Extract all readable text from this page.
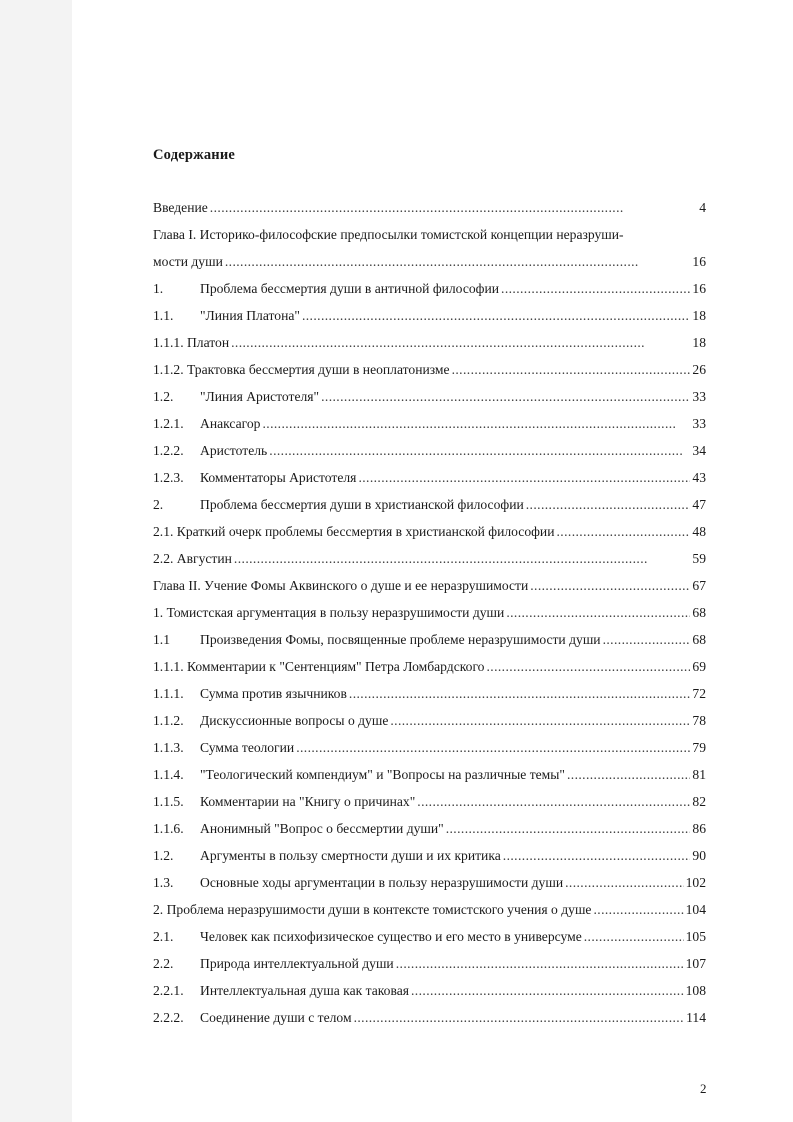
Содержание
Введение . . .	4
Глава I. Историко-философские предпосылки томистской концепции неразруши-
мости души . . .	16
1.	Проблема бессмертия души в античной философии . . .	16
1.1.	"Линия Платона" . . .	18
1.1.1. Платон . . .	18
1.1.2. Трактовка бессмертия души в неоплатонизме . . .	26
1.2.	"Линия Аристотеля" . . .	33
1.2.1.	Анаксагор . . .	33
1.2.2.	Аристотель . . .	34
1.2.3.	Комментаторы Аристотеля . . .	43
2.	Проблема бессмертия души в христианской философии . . .	47
2.1. Краткий очерк проблемы бессмертия в христианской философии . . .	48
2.2. Августин . . .	59
Глава II. Учение Фомы Аквинского о душе и ее неразрушимости . . .	67
1. Томистская аргументация в пользу неразрушимости души . . .	68
1.1	Произведения Фомы, посвященные проблеме неразрушимости души . . .	68
1.1.1. Комментарии к "Сентенциям" Петра Ломбардского . . .	69
1.1.1.	Сумма против язычников . . .	72
1.1.2.	Дискуссионные вопросы о душе . . .	78
1.1.3.	Сумма теологии . . .	79
1.1.4.	"Теологический компендиум" и "Вопросы на различные темы" . . .	81
1.1.5.	Комментарии на "Книгу о причинах" . . .	82
1.1.6.	Анонимный "Вопрос о бессмертии души" . . .	86
1.2.	Аргументы в пользу смертности души и их критика . . .	90
1.3.	Основные ходы аргументации в пользу неразрушимости души . . .	102
2. Проблема неразрушимости души в контексте томистского учения о душе . . .	104
2.1.	Человек как психофизическое существо и его место в универсуме . . .	105
2.2.	Природа интеллектуальной души . . .	107
2.2.1.	Интеллектуальная душа как таковая . . .	108
2.2.2.	Соединение души с телом . . .	114
2
